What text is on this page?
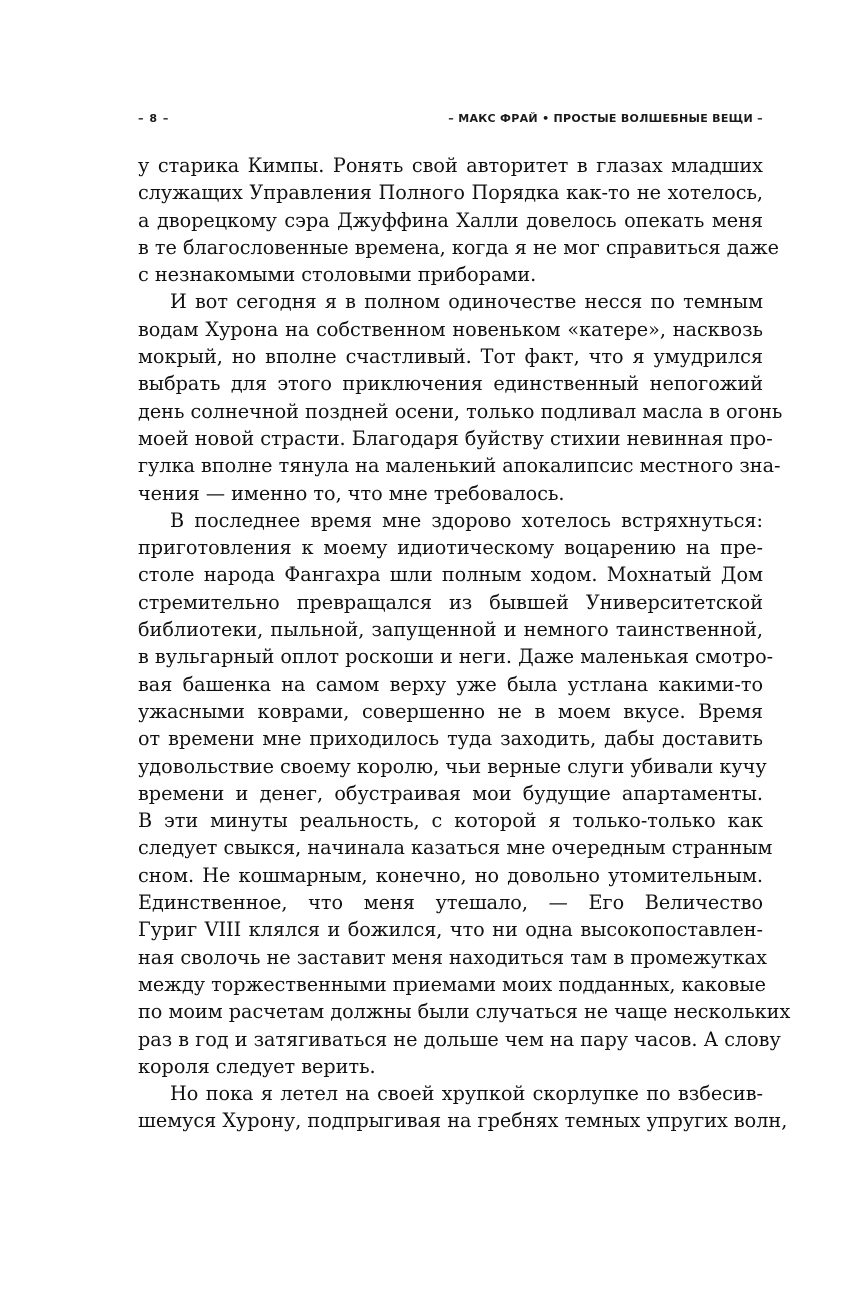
– 8 –	– МАКС ФРАЙ • ПРОСТЫЕ ВОЛШЕБНЫЕ ВЕЩИ –
у старика Кимпы. Ронять свой авторитет в глазах младших
служащих Управления Полного Порядка как-то не хотелось,
а дворецкому сэра Джуффина Халли довелось опекать меня
в те благословенные времена, когда я не мог справиться даже
с незнакомыми столовыми приборами.
И вот сегодня я в полном одиночестве несся по темным
водам Хурона на собственном новеньком «катере», насквозь
мокрый, но вполне счастливый. Тот факт, что я умудрился
выбрать для этого приключения единственный непогожий
день солнечной поздней осени, только подливал масла в огонь
моей новой страсти. Благодаря буйству стихии невинная про-
гулка вполне тянула на маленький апокалипсис местного зна-
чения — именно то, что мне требовалось.
В последнее время мне здорово хотелось встряхнуться:
приготовления к моему идиотическому воцарению на пре-
столе народа Фангахра шли полным ходом. Мохнатый Дом
стремительно превращался из бывшей Университетской
библиотеки, пыльной, запущенной и немного таинственной,
в вульгарный оплот роскоши и неги. Даже маленькая смотро-
вая башенка на самом верху уже была устлана какими-то
ужасными коврами, совершенно не в моем вкусе. Время
от времени мне приходилось туда заходить, дабы доставить
удовольствие своему королю, чьи верные слуги убивали кучу
времени и денег, обустраивая мои будущие апартаменты.
В эти минуты реальность, с которой я только-только как
следует свыкся, начинала казаться мне очередным странным
сном. Не кошмарным, конечно, но довольно утомительным.
Единственное, что меня утешало, — Его Величество
Гуриг VIII клялся и божился, что ни одна высокопоставлен-
ная сволочь не заставит меня находиться там в промежутках
между торжественными приемами моих подданных, каковые
по моим расчетам должны были случаться не чаще нескольких
раз в год и затягиваться не дольше чем на пару часов. А слову
короля следует верить.
Но пока я летел на своей хрупкой скорлупке по взбесив-
шемуся Хурону, подпрыгивая на гребнях темных упругих волн,
